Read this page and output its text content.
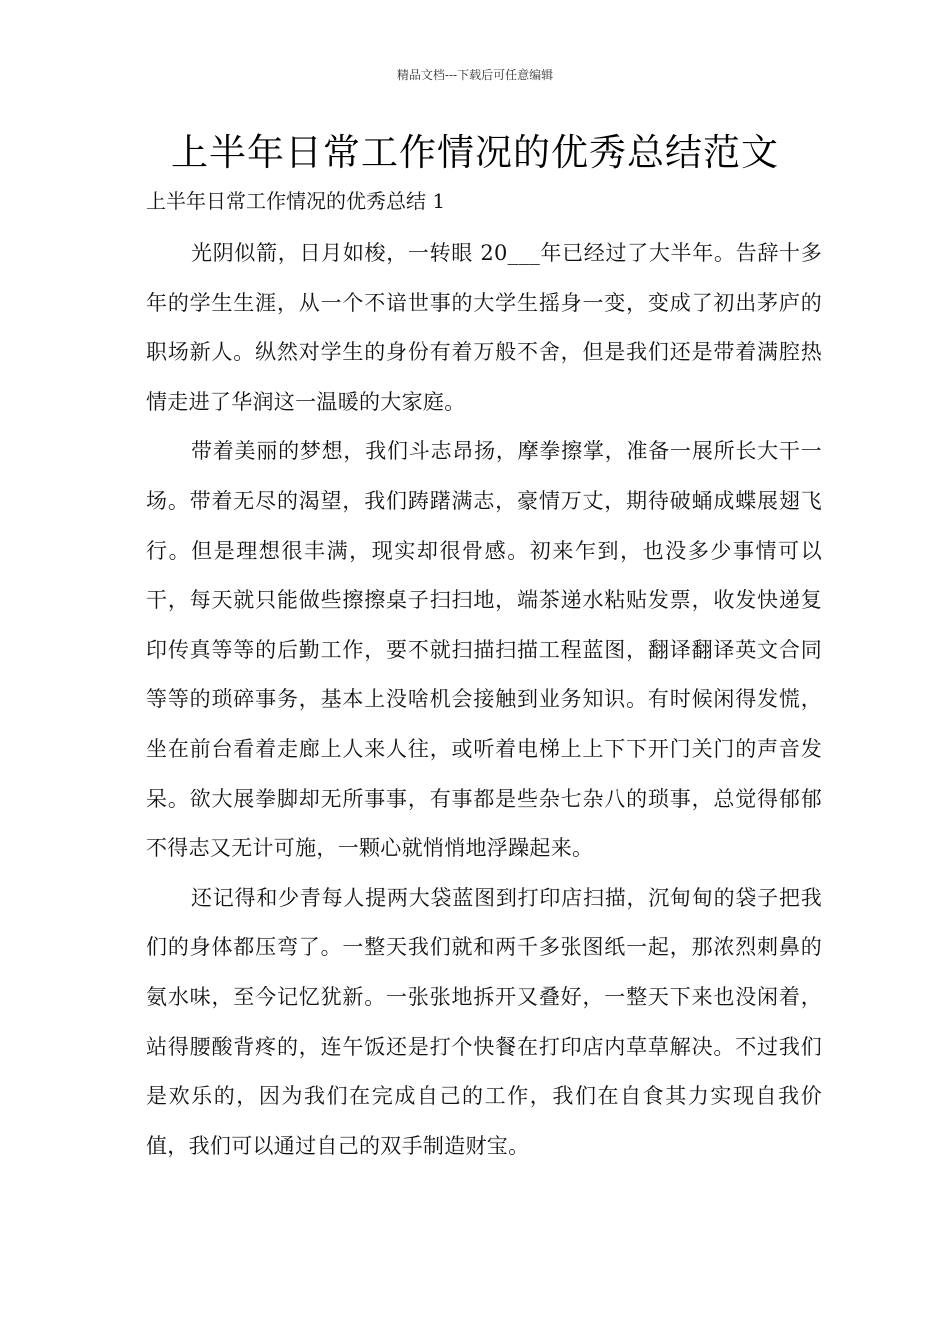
精品文档---下载后可任意编辑
上半年日常工作情况的优秀总结范文
上半年日常工作情况的优秀总结 1

光阴似箭，日月如梭，一转眼 20___年已经过了大半年。告辞十多年的学生生涯，从一个不谙世事的大学生摇身一变，变成了初出茅庐的职场新人。纵然对学生的身份有着万般不舍，但是我们还是带着满腔热情走进了华润这一温暖的大家庭。

带着美丽的梦想，我们斗志昂扬，摩拳擦掌，准备一展所长大干一场。带着无尽的渴望，我们踌躇满志，豪情万丈，期待破蛹成蝶展翅飞行。但是理想很丰满，现实却很骨感。初来乍到，也没多少事情可以干，每天就只能做些擦擦桌子扫扫地，端茶递水粘贴发票，收发快递复印传真等等的后勤工作，要不就扫描扫描工程蓝图，翻译翻译英文合同等等的琐碎事务，基本上没啥机会接触到业务知识。有时候闲得发慌，坐在前台看着走廊上人来人往，或听着电梯上上下下开门关门的声音发呆。欲大展拳脚却无所事事，有事都是些杂七杂八的琐事，总觉得郁郁不得志又无计可施，一颗心就悄悄地浮躁起来。

还记得和少青每人提两大袋蓝图到打印店扫描，沉甸甸的袋子把我们的身体都压弯了。一整天我们就和两千多张图纸一起，那浓烈刺鼻的氨水味，至今记忆犹新。一张张地拆开又叠好，一整天下来也没闲着，站得腰酸背疼的，连午饭还是打个快餐在打印店内草草解决。不过我们是欢乐的，因为我们在完成自己的工作，我们在自食其力实现自我价值，我们可以通过自己的双手制造财宝。
